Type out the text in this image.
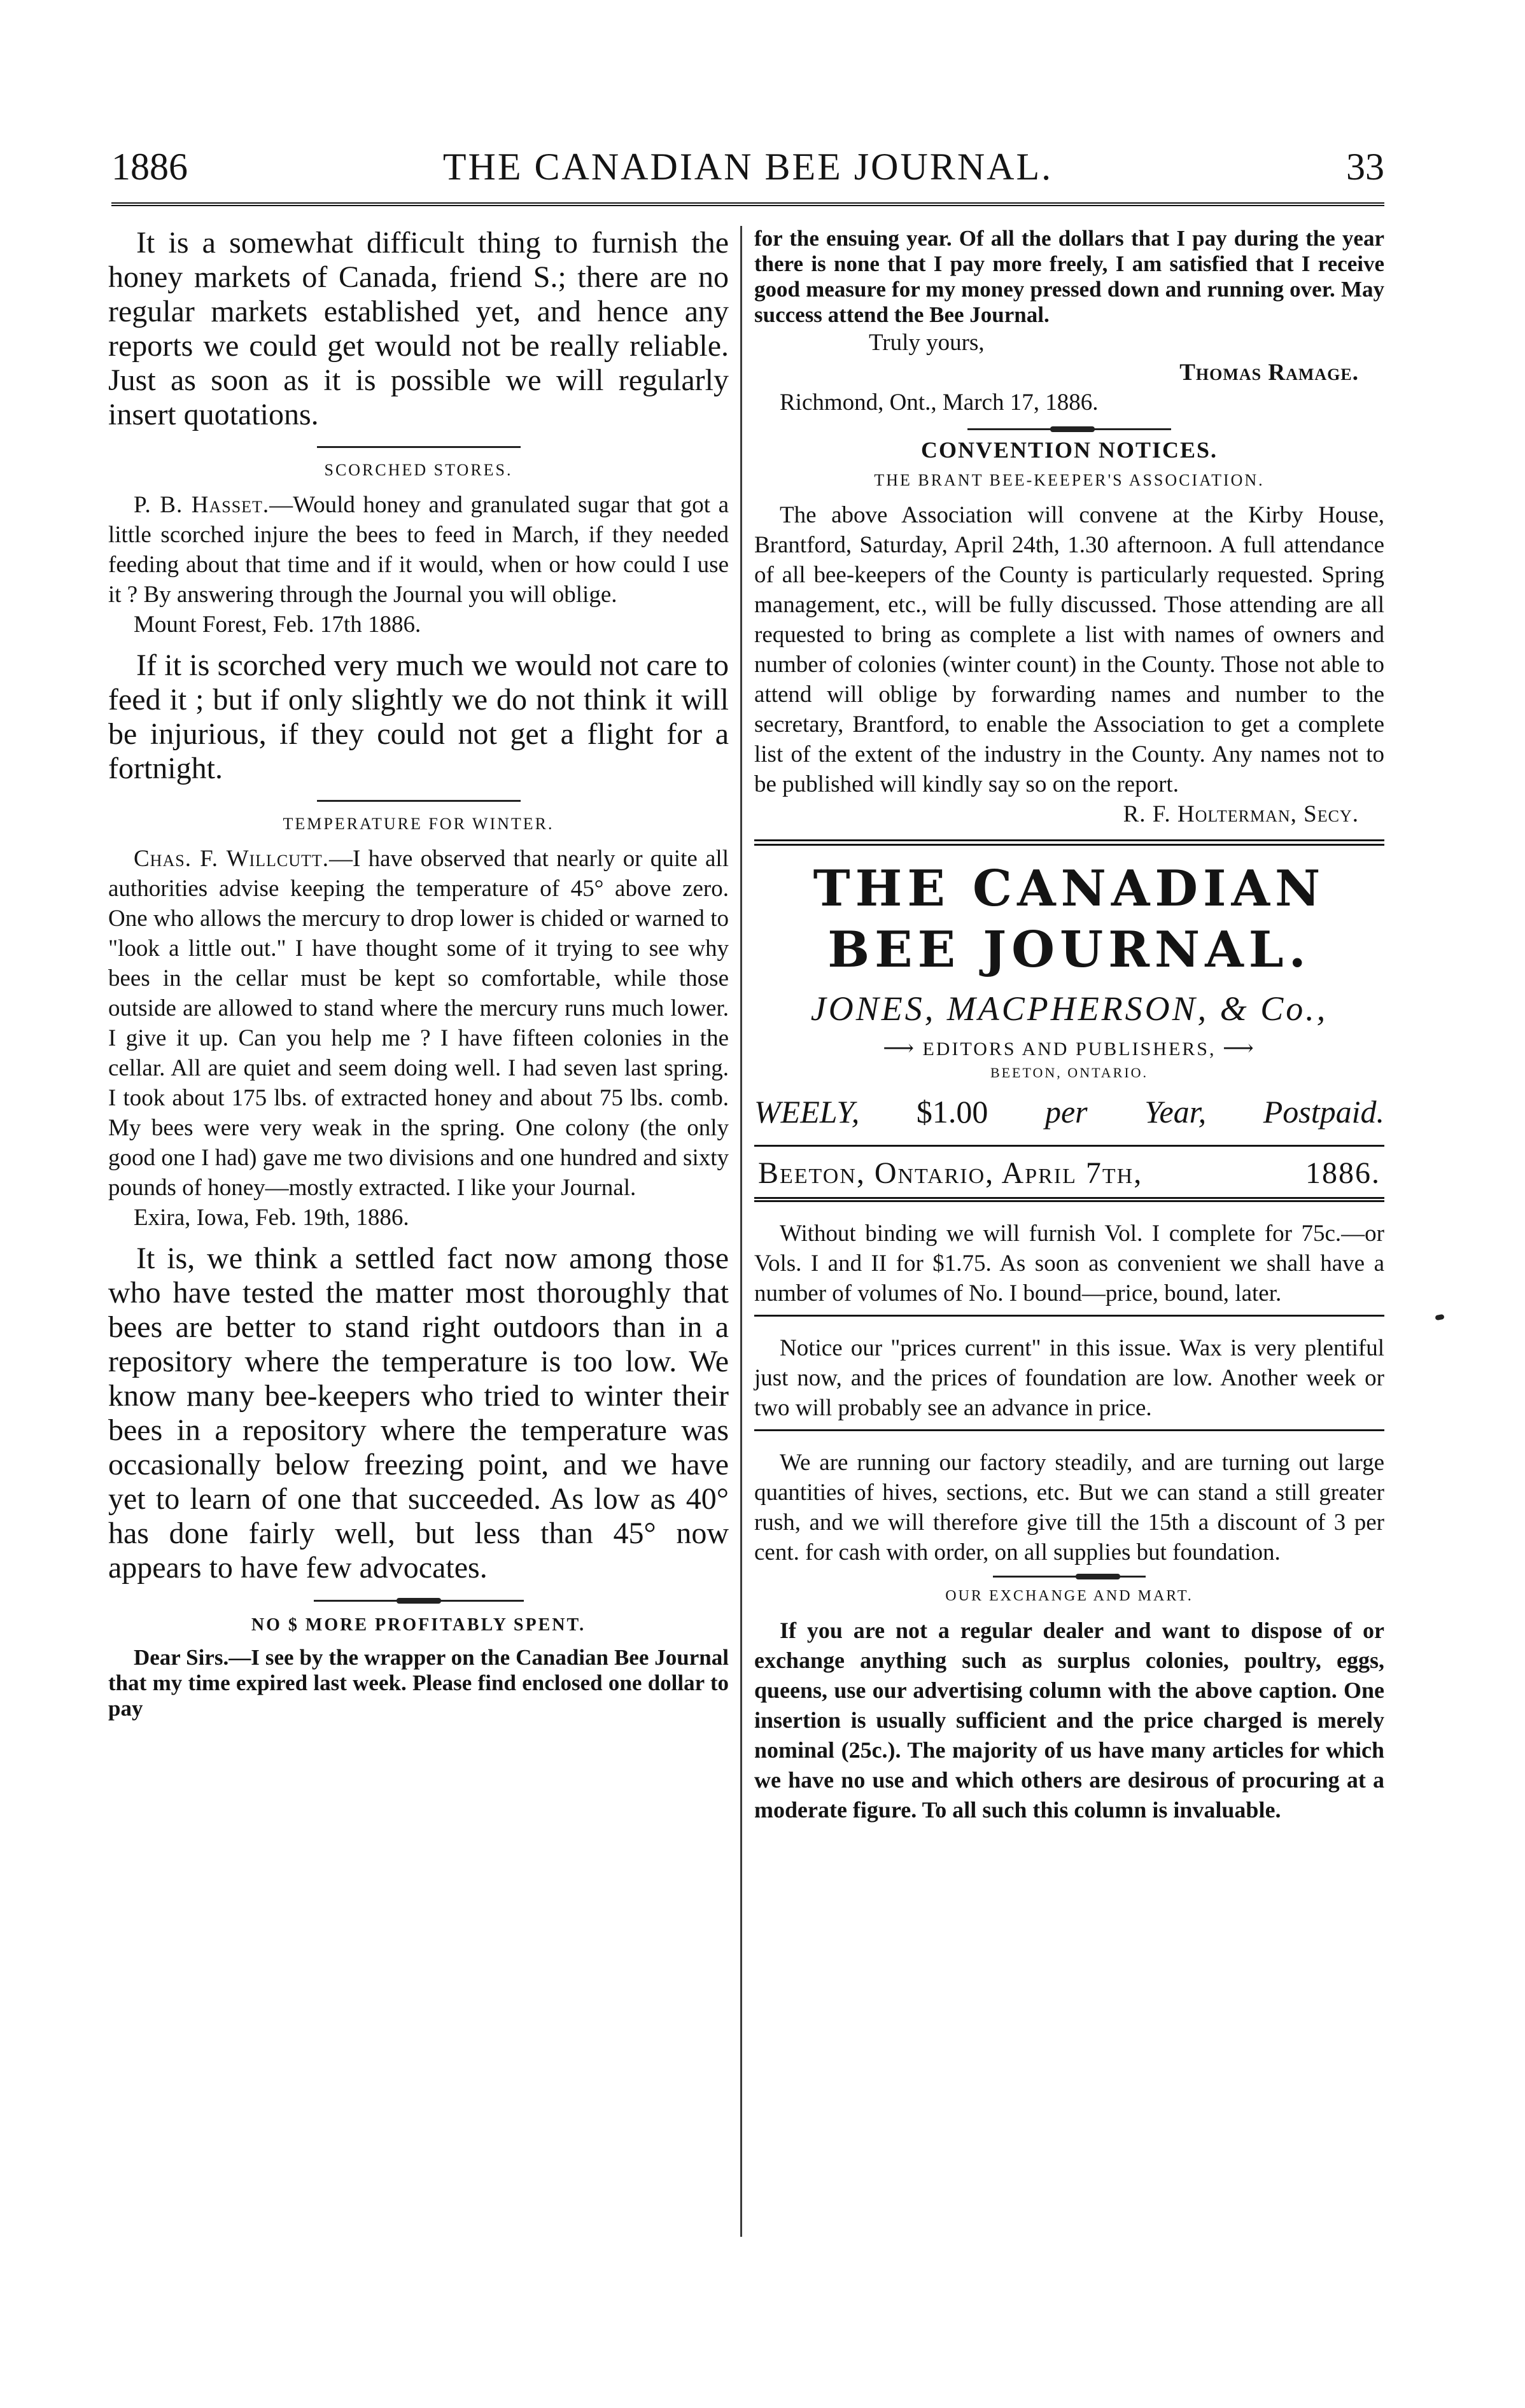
1886	THE CANADIAN BEE JOURNAL.	33

It is a somewhat difficult thing to furnish the honey markets of Canada, friend S.; there are no regular markets established yet, and hence any reports we could get would not be really reliable. Just as soon as it is possible we will regularly insert quotations.

SCORCHED STORES.

P. B. Hasset.—Would honey and granulated sugar that got a little scorched injure the bees to feed in March, if they needed feeding about that time and if it would, when or how could I use it ? By answering through the Journal you will oblige.

Mount Forest, Feb. 17th 1886.

If it is scorched very much we would not care to feed it ; but if only slightly we do not think it will be injurious, if they could not get a flight for a fortnight.

TEMPERATURE FOR WINTER.

Chas. F. Willcutt.—I have observed that nearly or quite all authorities advise keeping the temperature of 45° above zero. One who allows the mercury to drop lower is chided or warned to "look a little out." I have thought some of it trying to see why bees in the cellar must be kept so comfortable, while those outside are allowed to stand where the mercury runs much lower. I give it up. Can you help me ? I have fifteen colonies in the cellar. All are quiet and seem doing well. I had seven last spring. I took about 175 lbs. of extracted honey and about 75 lbs. comb. My bees were very weak in the spring. One colony (the only good one I had) gave me two divisions and one hundred and sixty pounds of honey—mostly extracted. I like your Journal.

Exira, Iowa, Feb. 19th, 1886.

It is, we think a settled fact now among those who have tested the matter most thoroughly that bees are better to stand right outdoors than in a repository where the temperature is too low. We know many bee-keepers who tried to winter their bees in a repository where the temperature was occasionally below freezing point, and we have yet to learn of one that succeeded. As low as 40° has done fairly well, but less than 45° now appears to have few advocates.

NO $ MORE PROFITABLY SPENT.

Dear Sirs.—I see by the wrapper on the Canadian Bee Journal that my time expired last week. Please find enclosed one dollar to pay

for the ensuing year. Of all the dollars that I pay during the year there is none that I pay more freely, I am satisfied that I receive good measure for my money pressed down and running over. May success attend the Bee Journal.

Truly yours,

Thomas Ramage.

Richmond, Ont., March 17, 1886.

CONVENTION NOTICES.
THE BRANT BEE-KEEPER'S ASSOCIATION.

The above Association will convene at the Kirby House, Brantford, Saturday, April 24th, 1.30 afternoon. A full attendance of all bee-keepers of the County is particularly requested. Spring management, etc., will be fully discussed. Those attending are all requested to bring as complete a list with names of owners and number of colonies (winter count) in the County. Those not able to attend will oblige by forwarding names and number to the secretary, Brantford, to enable the Association to get a complete list of the extent of the industry in the County. Any names not to be published will kindly say so on the report.

R. F. Holterman, Secy.

THE CANADIAN BEE JOURNAL.
JONES, MACPHERSON, & Co.,
⟶ EDITORS AND PUBLISHERS, ⟶
BEETON, ONTARIO.
WEELY, $1.00 per Year, Postpaid.
Beeton, Ontario, April 7th,	1886.

Without binding we will furnish Vol. I complete for 75c.—or Vols. I and II for $1.75. As soon as convenient we shall have a number of volumes of No. I bound—price, bound, later.

Notice our "prices current" in this issue. Wax is very plentiful just now, and the prices of foundation are low. Another week or two will probably see an advance in price.

We are running our factory steadily, and are turning out large quantities of hives, sections, etc. But we can stand a still greater rush, and we will therefore give till the 15th a discount of 3 per cent. for cash with order, on all supplies but foundation.

OUR EXCHANGE AND MART.

If you are not a regular dealer and want to dispose of or exchange anything such as surplus colonies, poultry, eggs, queens, use our advertising column with the above caption. One insertion is usually sufficient and the price charged is merely nominal (25c.). The majority of us have many articles for which we have no use and which others are desirous of procuring at a moderate figure. To all such this column is invaluable.
